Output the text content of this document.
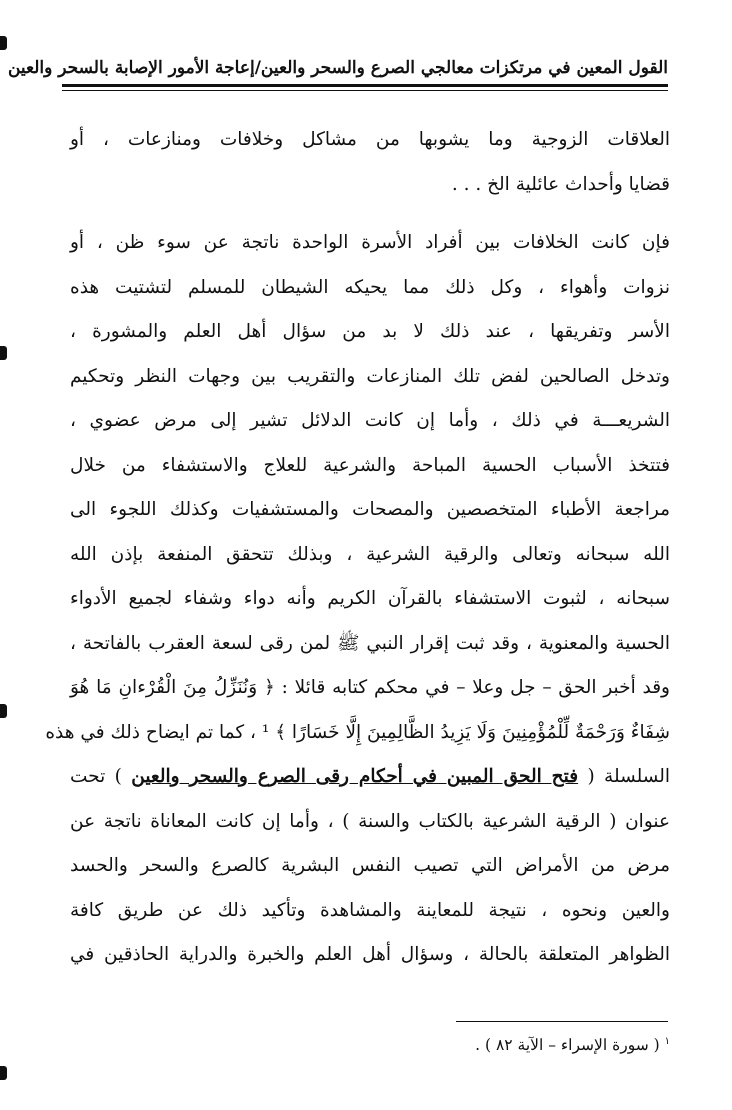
القول المعين في مرتكزات معالجي الصرع والسحر والعين/إعاجة الأمور الإصابة بالسحر والعين
العلاقات الزوجية وما يشوبها من مشاكل وخلافات ومنازعات ، أو
قضايا وأحداث عائلية الخ . . .
فإن كانت الخلافات بين أفراد الأسرة الواحدة ناتجة عن سوء ظن ، أو
نزوات وأهواء ، وكل ذلك مما يحيكه الشيطان للمسلم لتشتيت هذه
الأسر وتفريقها ، عند ذلك لا بد من سؤال أهل العلم والمشورة ،
وتدخل الصالحين لفض تلك المنازعات والتقريب بين وجهات النظر وتحكيم
الشريعـــة في ذلك ، وأما إن كانت الدلائل تشير إلى مرض عضوي ،
فتتخذ الأسباب الحسية المباحة والشرعية للعلاج والاستشفاء من خلال
مراجعة الأطباء المتخصصين والمصحات والمستشفيات وكذلك اللجوء الى
الله سبحانه وتعالى والرقية الشرعية ، وبذلك تتحقق المنفعة بإذن الله
سبحانه ، لثبوت الاستشفاء بالقرآن الكريم وأنه دواء وشفاء لجميع الأدواء
الحسية والمعنوية ، وقد ثبت إقرار النبي ﷺ لمن رقى لسعة العقرب بالفاتحة ،
وقد أخبر الحق – جل وعلا – في محكم كتابه قائلا : ﴿ وَنُنَزِّلُ مِنَ الْقُرْءانِ مَا هُوَ
شِفَاءٌ وَرَحْمَةٌ لِّلْمُؤْمِنِينَ وَلَا يَزِيدُ الظَّالِمِينَ إِلَّا خَسَارًا ﴾ ¹ ، كما تم ايضاح ذلك في هذه
السلسلة ( فتح الحق المبين في أحكام رقى الصرع والسحر والعين ) تحت
عنوان ( الرقية الشرعية بالكتاب والسنة ) ، وأما إن كانت المعاناة ناتجة عن
مرض من الأمراض التي تصيب النفس البشرية كالصرع والسحر والحسد
والعين ونحوه ، نتيجة للمعاينة والمشاهدة وتأكيد ذلك عن طريق كافة
الظواهر المتعلقة بالحالة ، وسؤال أهل العلم والخبرة والدراية الحاذقين في
$^١$ ( سورة الإسراء – الآية ٨٢ ) .
